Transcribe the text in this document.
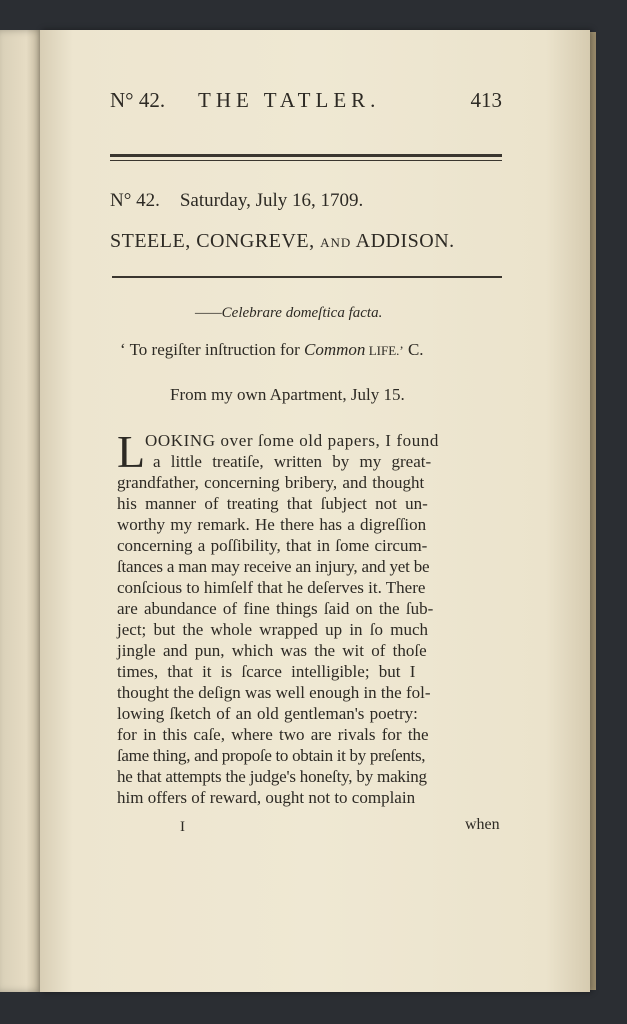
N° 42. THE TATLER.	413
N° 42. Saturday, July 16, 1709.
STEELE, CONGREVE, AND ADDISON.
——Celebrare domeſtica facta.
‘ To regiſter inſtruction for Common LIFE.’ C.
From my own Apartment, July 15.
L OOKING over ſome old papers, I found
a little treatiſe, written by my great-
grandfather, concerning bribery, and thought
his manner of treating that ſubject not un-
worthy my remark. He there has a digreſſion
concerning a poſſibility, that in ſome circum-
ſtances a man may receive an injury, and yet be
conſcious to himſelf that he deſerves it. There
are abundance of fine things ſaid on the ſub-
ject; but the whole wrapped up in ſo much
jingle and pun, which was the wit of thoſe
times, that it is ſcarce intelligible; but I
thought the deſign was well enough in the fol-
lowing ſketch of an old gentleman's poetry:
for in this caſe, where two are rivals for the
ſame thing, and propoſe to obtain it by preſents,
he that attempts the judge's honeſty, by making
him offers of reward, ought not to complain
I	when
